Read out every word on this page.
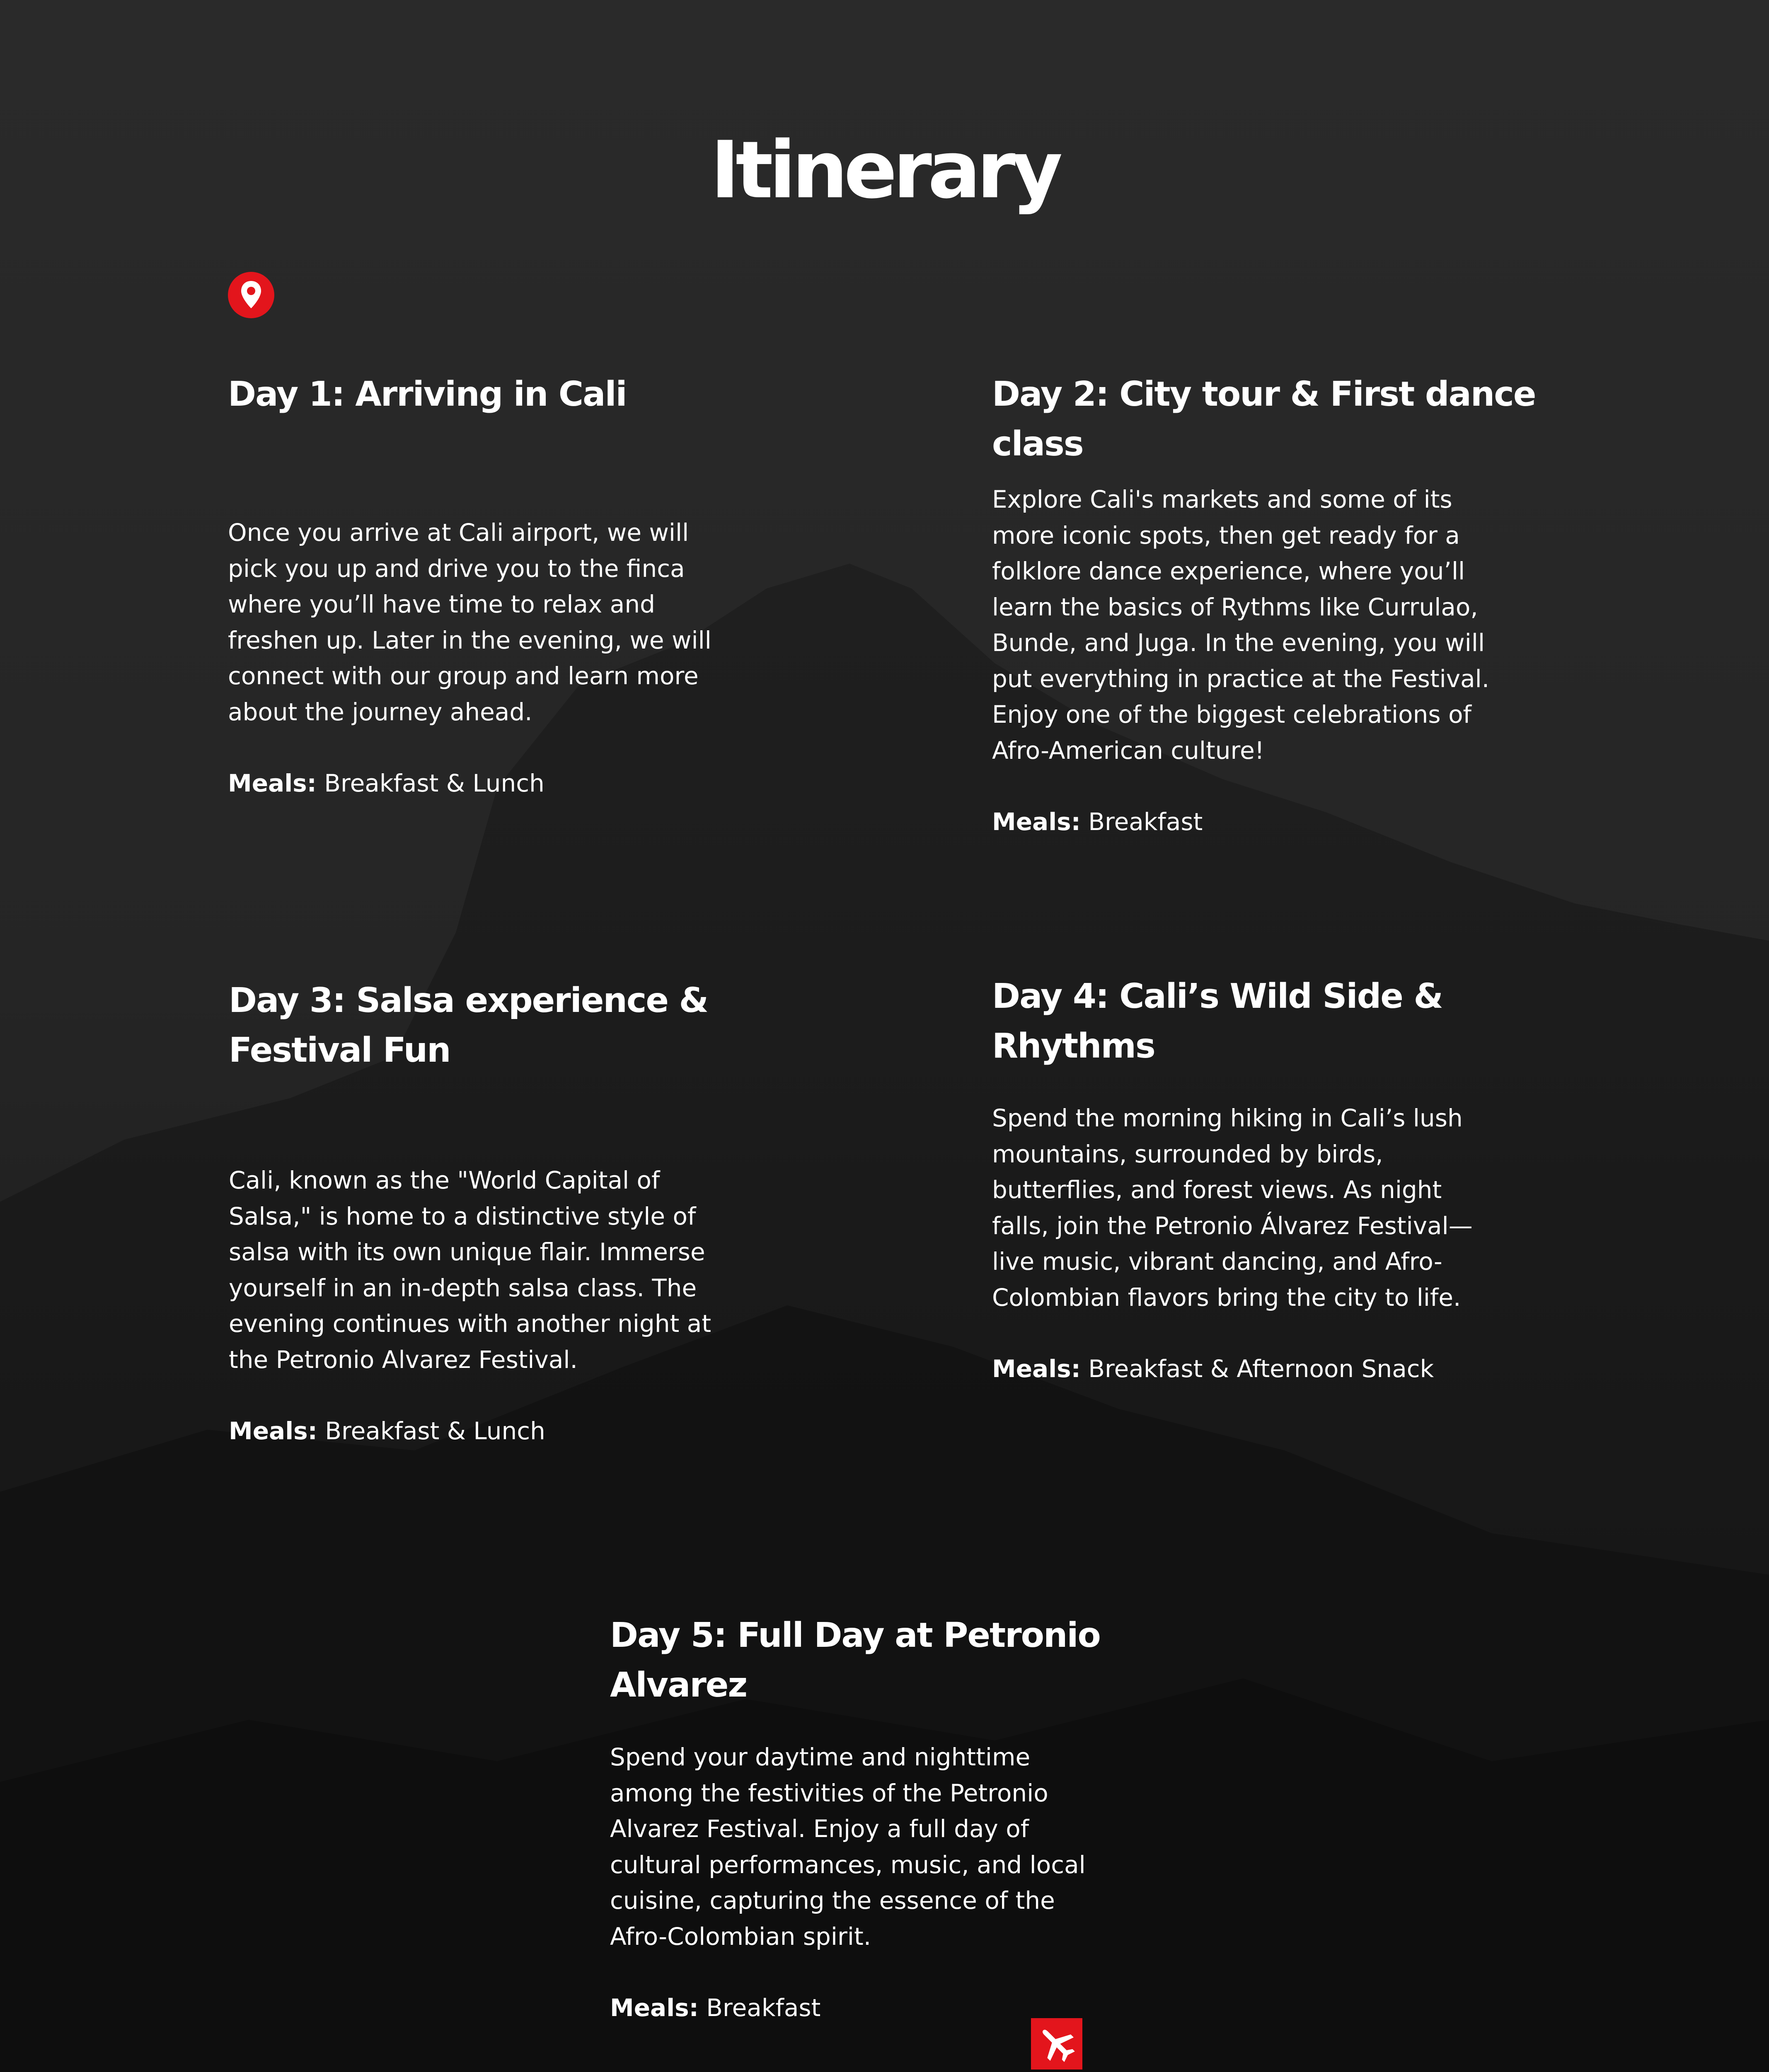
Itinerary
Day 1: Arriving in Cali

Once you arrive at Cali airport, we will
pick you up and drive you to the finca
where you’ll have time to relax and
freshen up. Later in the evening, we will
connect with our group and learn more
about the journey ahead.

Meals: Breakfast & Lunch

Day 2: City tour & First dance class

Explore Cali's markets and some of its
more iconic spots, then get ready for a
folklore dance experience, where you’ll
learn the basics of Rythms like Currulao,
Bunde, and Juga. In the evening, you will
put everything in practice at the Festival.
Enjoy one of the biggest celebrations of
Afro-American culture!

Meals: Breakfast

Day 3: Salsa experience & Festival Fun

Cali, known as the "World Capital of
Salsa," is home to a distinctive style of
salsa with its own unique flair. Immerse
yourself in an in-depth salsa class. The
evening continues with another night at
the Petronio Alvarez Festival.

Meals: Breakfast & Lunch

Day 4: Cali’s Wild Side & Rhythms

Spend the morning hiking in Cali’s lush
mountains, surrounded by birds,
butterflies, and forest views. As night
falls, join the Petronio Álvarez Festival—
live music, vibrant dancing, and Afro-
Colombian flavors bring the city to life.

Meals: Breakfast & Afternoon Snack

Day 5: Full Day at Petronio Alvarez

Spend your daytime and nighttime
among the festivities of the Petronio
Alvarez Festival. Enjoy a full day of
cultural performances, music, and local
cuisine, capturing the essence of the
Afro-Colombian spirit.

Meals: Breakfast
